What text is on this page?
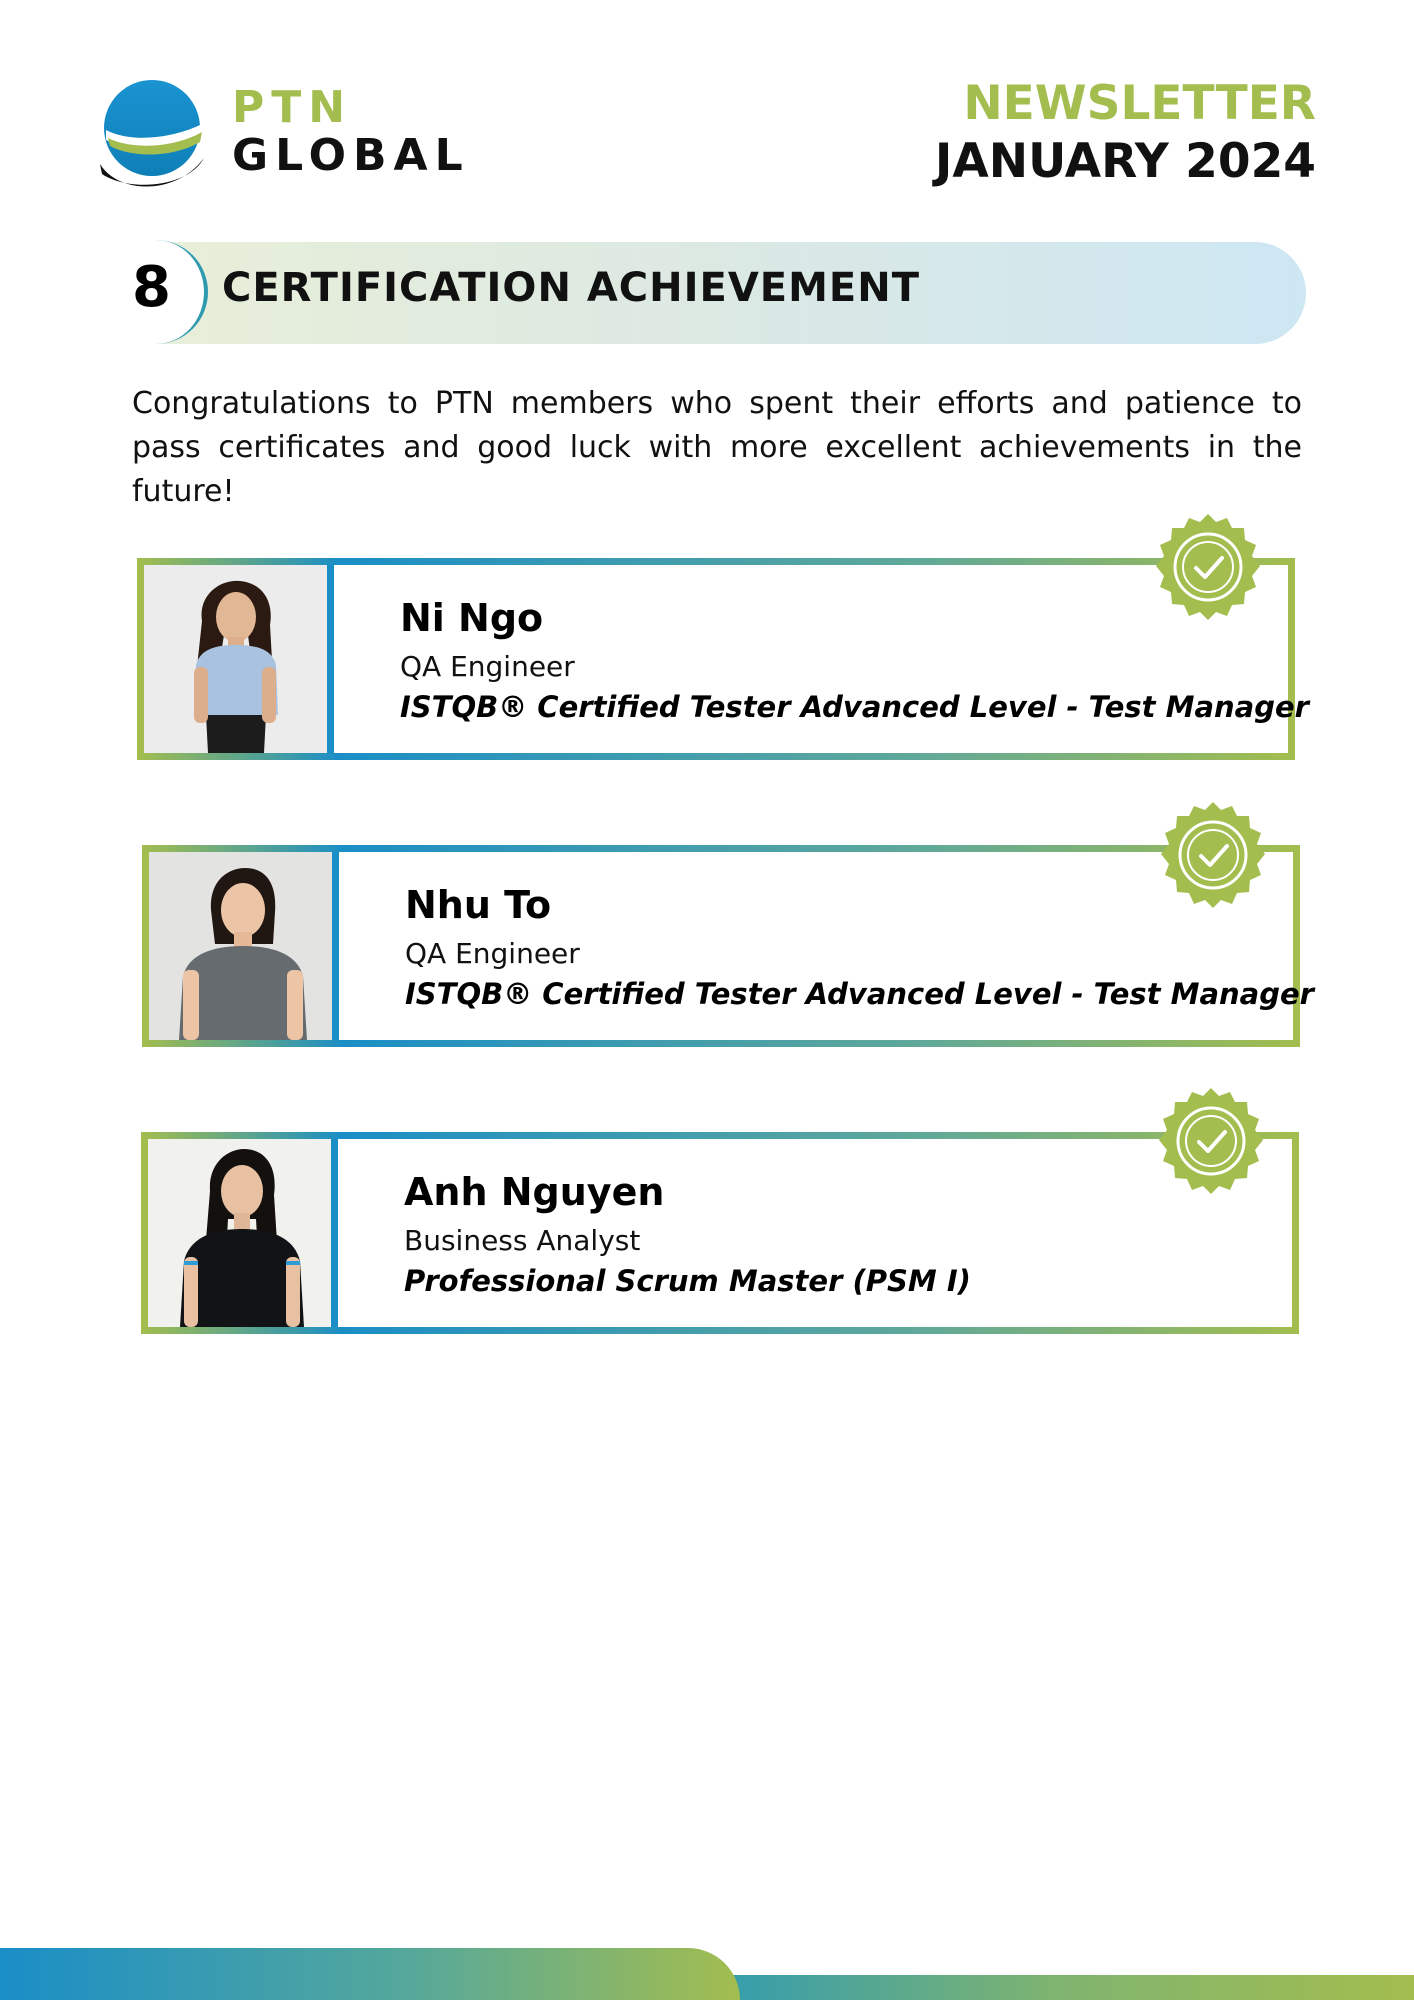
PTN
GLOBAL
NEWSLETTER
JANUARY 2024
8 CERTIFICATION ACHIEVEMENT
Congratulations to PTN members who spent their efforts and patience to pass certificates and good luck with more excellent achievements in the future!
Ni Ngo
QA Engineer
ISTQB® Certified Tester Advanced Level - Test Manager
Nhu To
QA Engineer
ISTQB® Certified Tester Advanced Level - Test Manager
Anh Nguyen
Business Analyst
Professional Scrum Master (PSM I)
